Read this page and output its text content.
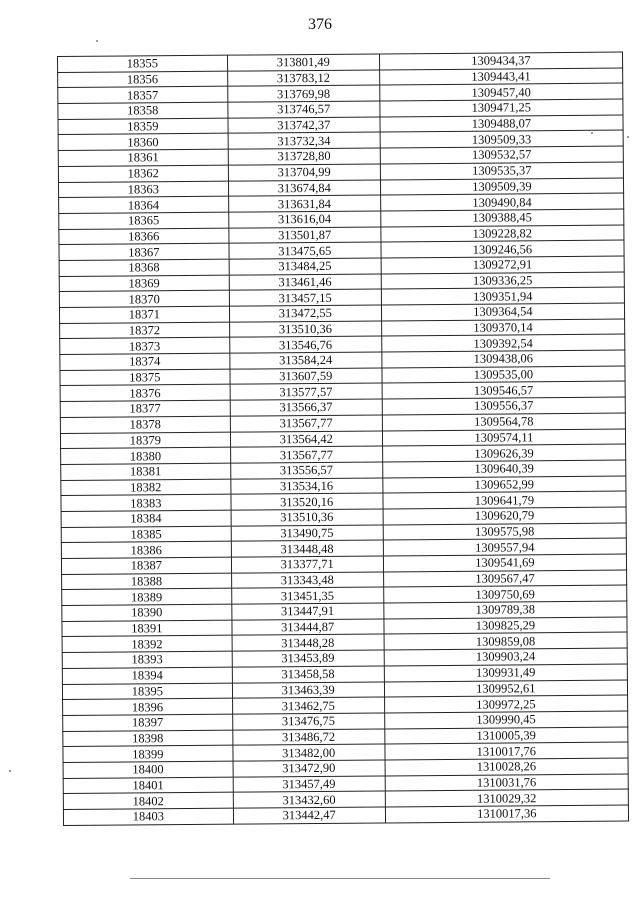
376
18355	313801,49	1309434,37
18356	313783,12	1309443,41
18357	313769,98	1309457,40
18358	313746,57	1309471,25
18359	313742,37	1309488,07
18360	313732,34	1309509,33
18361	313728,80	1309532,57
18362	313704,99	1309535,37
18363	313674,84	1309509,39
18364	313631,84	1309490,84
18365	313616,04	1309388,45
18366	313501,87	1309228,82
18367	313475,65	1309246,56
18368	313484,25	1309272,91
18369	313461,46	1309336,25
18370	313457,15	1309351,94
18371	313472,55	1309364,54
18372	313510,36	1309370,14
18373	313546,76	1309392,54
18374	313584,24	1309438,06
18375	313607,59	1309535,00
18376	313577,57	1309546,57
18377	313566,37	1309556,37
18378	313567,77	1309564,78
18379	313564,42	1309574,11
18380	313567,77	1309626,39
18381	313556,57	1309640,39
18382	313534,16	1309652,99
18383	313520,16	1309641,79
18384	313510,36	1309620,79
18385	313490,75	1309575,98
18386	313448,48	1309557,94
18387	313377,71	1309541,69
18388	313343,48	1309567,47
18389	313451,35	1309750,69
18390	313447,91	1309789,38
18391	313444,87	1309825,29
18392	313448,28	1309859,08
18393	313453,89	1309903,24
18394	313458,58	1309931,49
18395	313463,39	1309952,61
18396	313462,75	1309972,25
18397	313476,75	1309990,45
18398	313486,72	1310005,39
18399	313482,00	1310017,76
18400	313472,90	1310028,26
18401	313457,49	1310031,76
18402	313432,60	1310029,32
18403	313442,47	1310017,36
